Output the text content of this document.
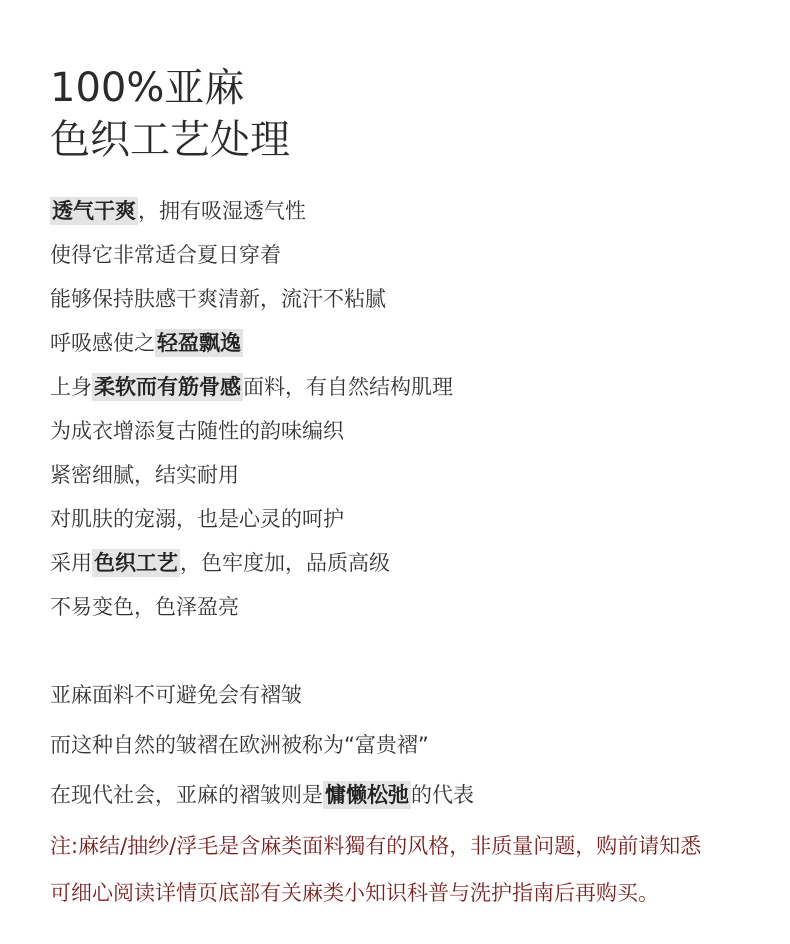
100%亚麻
色织工艺处理
透气干爽，拥有吸湿透气性
使得它非常适合夏日穿着
能够保持肤感干爽清新，流汗不粘腻
呼吸感使之轻盈飘逸
上身柔软而有筋骨感面料，有自然结构肌理
为成衣增添复古随性的韵味编织
紧密细腻，结实耐用
对肌肤的宠溺，也是心灵的呵护
采用色织工艺，色牢度加，品质高级
不易变色，色泽盈亮
亚麻面料不可避免会有褶皱
而这种自然的皱褶在欧洲被称为“富贵褶”
在现代社会，亚麻的褶皱则是慵懒松弛的代表
注:麻结/抽纱/浮毛是含麻类面料獨有的风格，非质量问题，购前请知悉
可细心阅读详情页底部有关麻类小知识科普与洗护指南后再购买。
